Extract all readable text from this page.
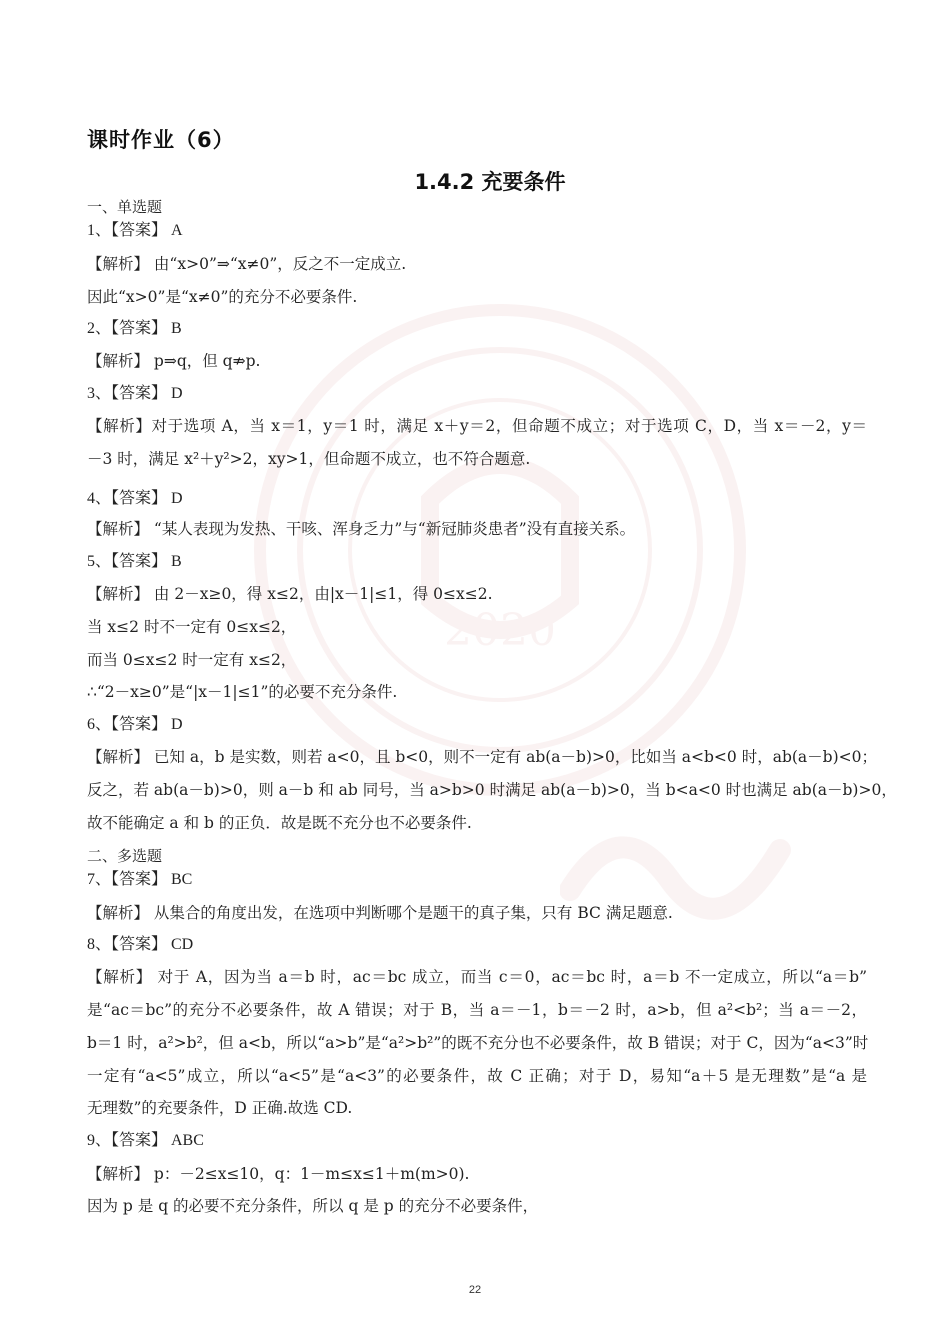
2020
课时作业（6）
1.4.2 充要条件
一、单选题
1、【答案】 A
【解析】 由“x>0”⇒“x≠0”，反之不一定成立.
因此“x>0”是“x≠0”的充分不必要条件.
2、【答案】 B
【解析】 p⇒q，但 q⇏p.
3、【答案】 D
【解析】对于选项 A，当 x＝1，y＝1 时，满足 x＋y＝2，但命题不成立；对于选项 C，D，当 x＝－2，y＝
－3 时，满足 x²＋y²>2，xy>1，但命题不成立，也不符合题意.
4、【答案】 D
【解析】 “某人表现为发热、干咳、浑身乏力”与“新冠肺炎患者”没有直接关系。
5、【答案】 B
【解析】 由 2－x≥0，得 x≤2，由|x－1|≤1，得 0≤x≤2.
当 x≤2 时不一定有 0≤x≤2，
而当 0≤x≤2 时一定有 x≤2，
∴“2－x≥0”是“|x－1|≤1”的必要不充分条件.
6、【答案】 D
【解析】 已知 a，b 是实数，则若 a<0，且 b<0，则不一定有 ab(a－b)>0，比如当 a<b<0 时，ab(a－b)<0；
反之，若 ab(a－b)>0，则 a－b 和 ab 同号，当 a>b>0 时满足 ab(a－b)>0，当 b<a<0 时也满足 ab(a－b)>0，
故不能确定 a 和 b 的正负．故是既不充分也不必要条件.
二、多选题
7、【答案】 BC
【解析】 从集合的角度出发，在选项中判断哪个是题干的真子集，只有 BC 满足题意.
8、【答案】 CD
【解析】 对于 A，因为当 a＝b 时，ac＝bc 成立，而当 c＝0，ac＝bc 时，a＝b 不一定成立，所以“a＝b”
是“ac＝bc”的充分不必要条件，故 A 错误；对于 B，当 a＝－1，b＝－2 时，a>b，但 a²<b²；当 a＝－2，
b＝1 时，a²>b²，但 a<b，所以“a>b”是“a²>b²”的既不充分也不必要条件，故 B 错误；对于 C，因为“a<3”时
一定有“a<5”成立，所以“a<5”是“a<3”的必要条件，故 C 正确；对于 D，易知“a＋5 是无理数”是“a 是
无理数”的充要条件，D 正确.故选 CD.
9、【答案】 ABC
【解析】 p：－2≤x≤10，q：1－m≤x≤1＋m(m>0).
因为 p 是 q 的必要不充分条件，所以 q 是 p 的充分不必要条件，
22
